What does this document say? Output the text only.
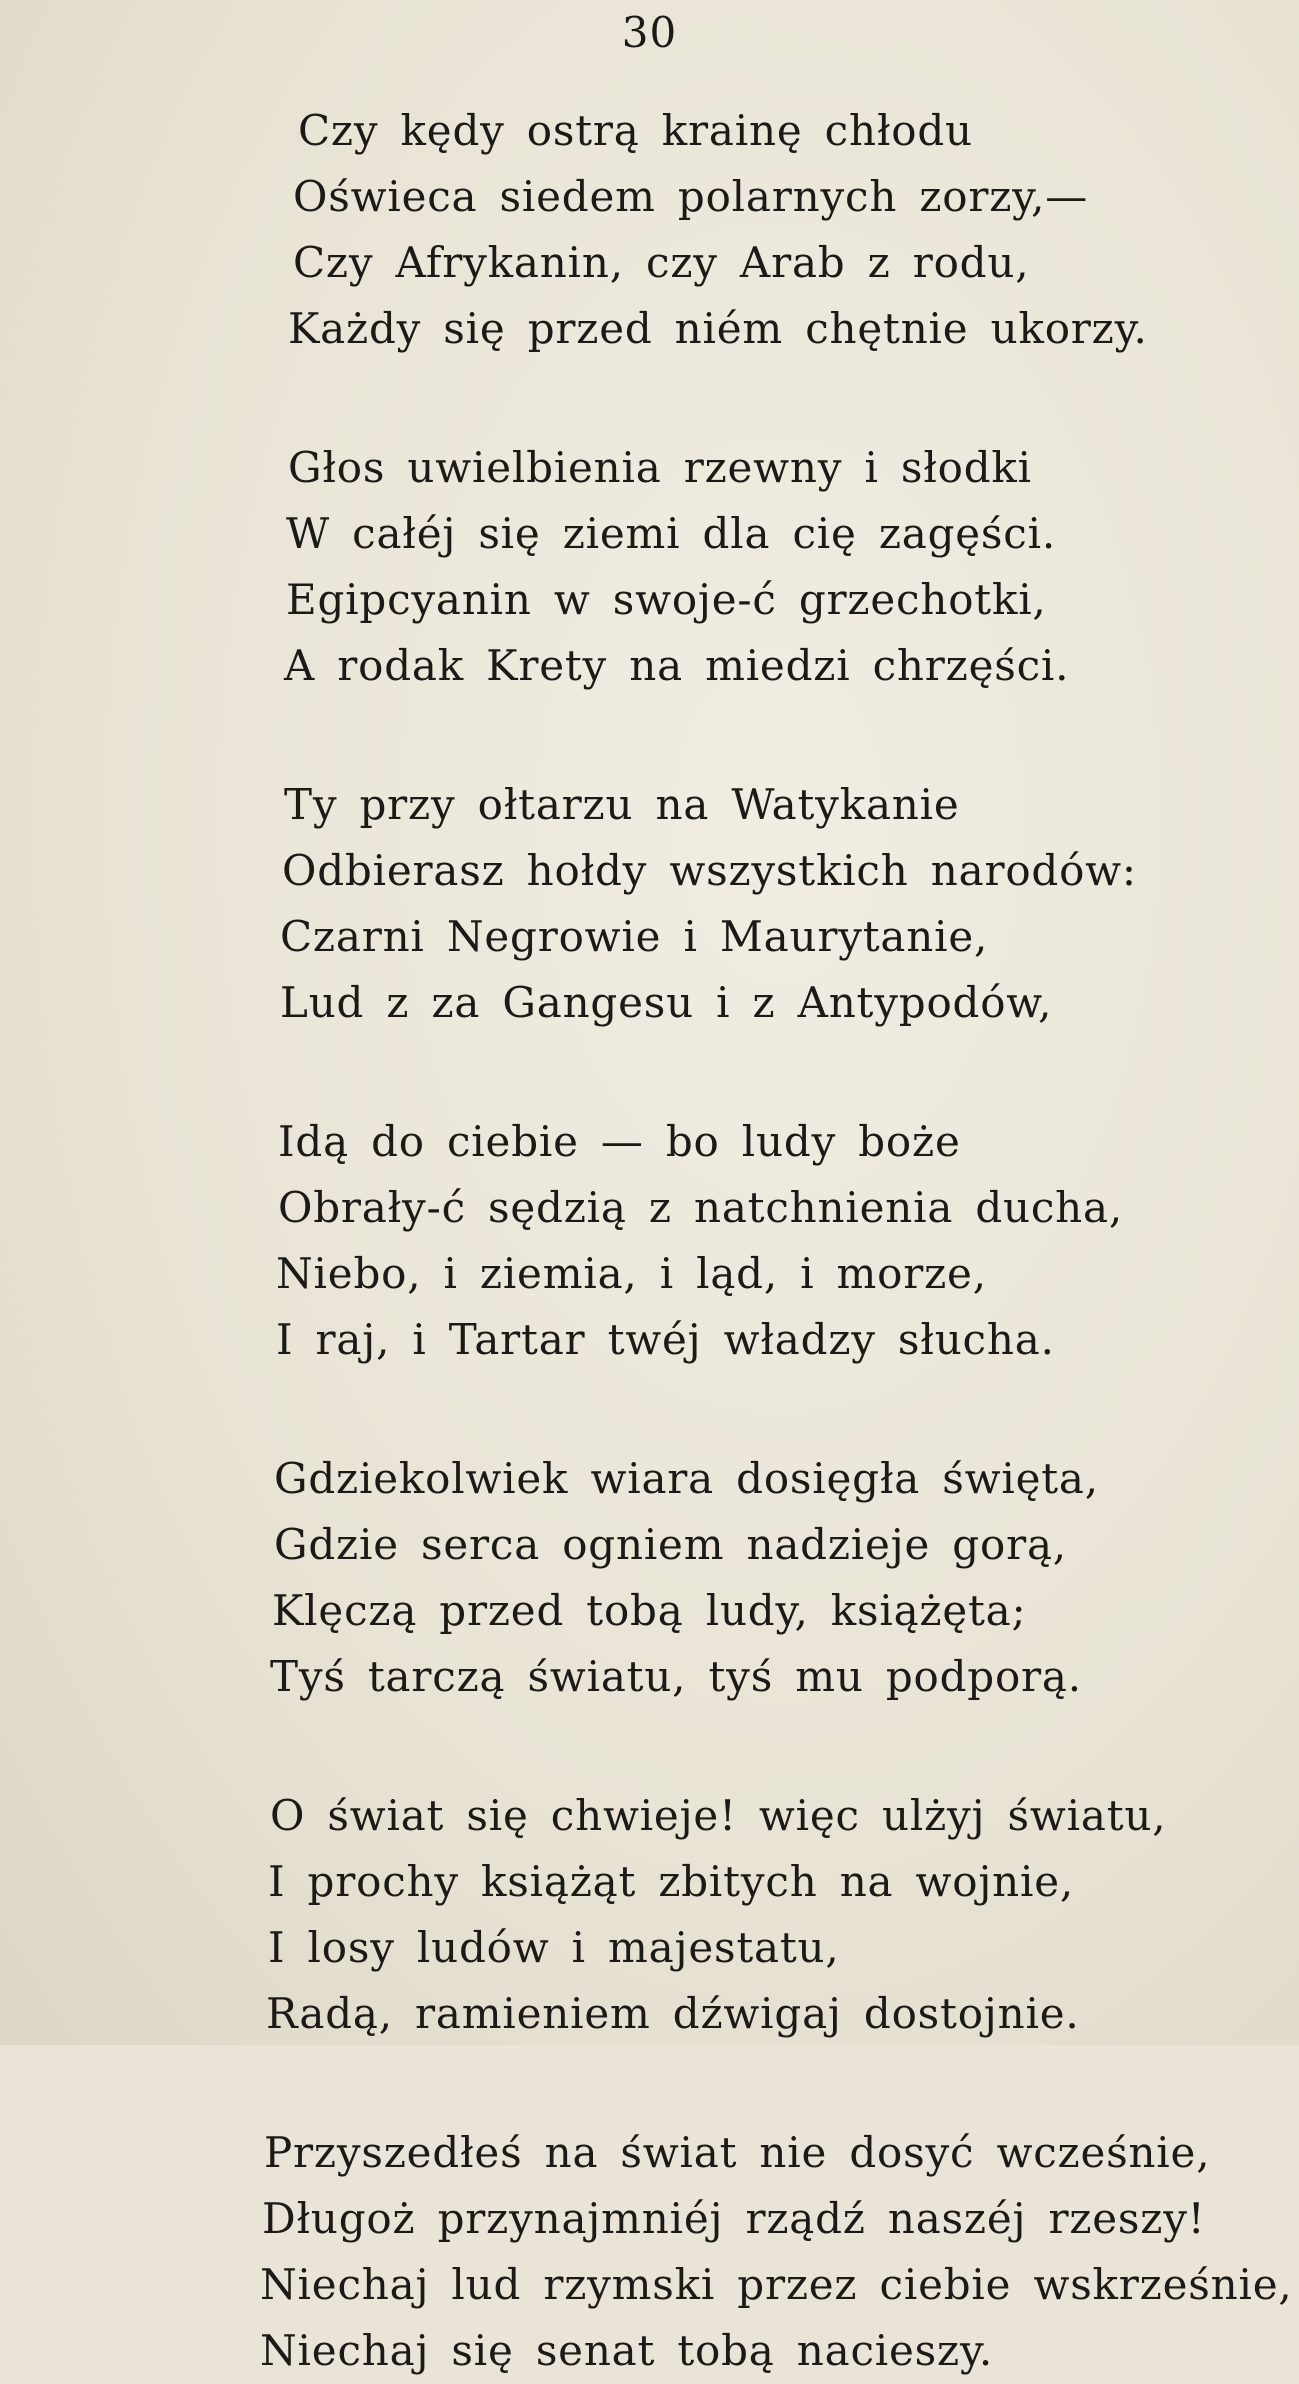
30
Czy kędy ostrą krainę chłodu
Oświeca siedem polarnych zorzy,—
Czy Afrykanin, czy Arab z rodu,
Każdy się przed niém chętnie ukorzy.
Głos uwielbienia rzewny i słodki
W całéj się ziemi dla cię zagęści.
Egipcyanin w swoje-ć grzechotki,
A rodak Krety na miedzi chrzęści.
Ty przy ołtarzu na Watykanie
Odbierasz hołdy wszystkich narodów:
Czarni Negrowie i Maurytanie,
Lud z za Gangesu i z Antypodów,
Idą do ciebie — bo ludy boże
Obrały-ć sędzią z natchnienia ducha,
Niebo, i ziemia, i ląd, i morze,
I raj, i Tartar twéj władzy słucha.
Gdziekolwiek wiara dosięgła święta,
Gdzie serca ogniem nadzieje gorą,
Klęczą przed tobą ludy, książęta;
Tyś tarczą światu, tyś mu podporą.
O świat się chwieje! więc ulżyj światu,
I prochy książąt zbitych na wojnie,
I losy ludów i majestatu,
Radą, ramieniem dźwigaj dostojnie.
Przyszedłeś na świat nie dosyć wcześnie,
Długoż przynajmniéj rządź naszéj rzeszy!
Niechaj lud rzymski przez ciebie wskrześnie,
Niechaj się senat tobą nacieszy.
